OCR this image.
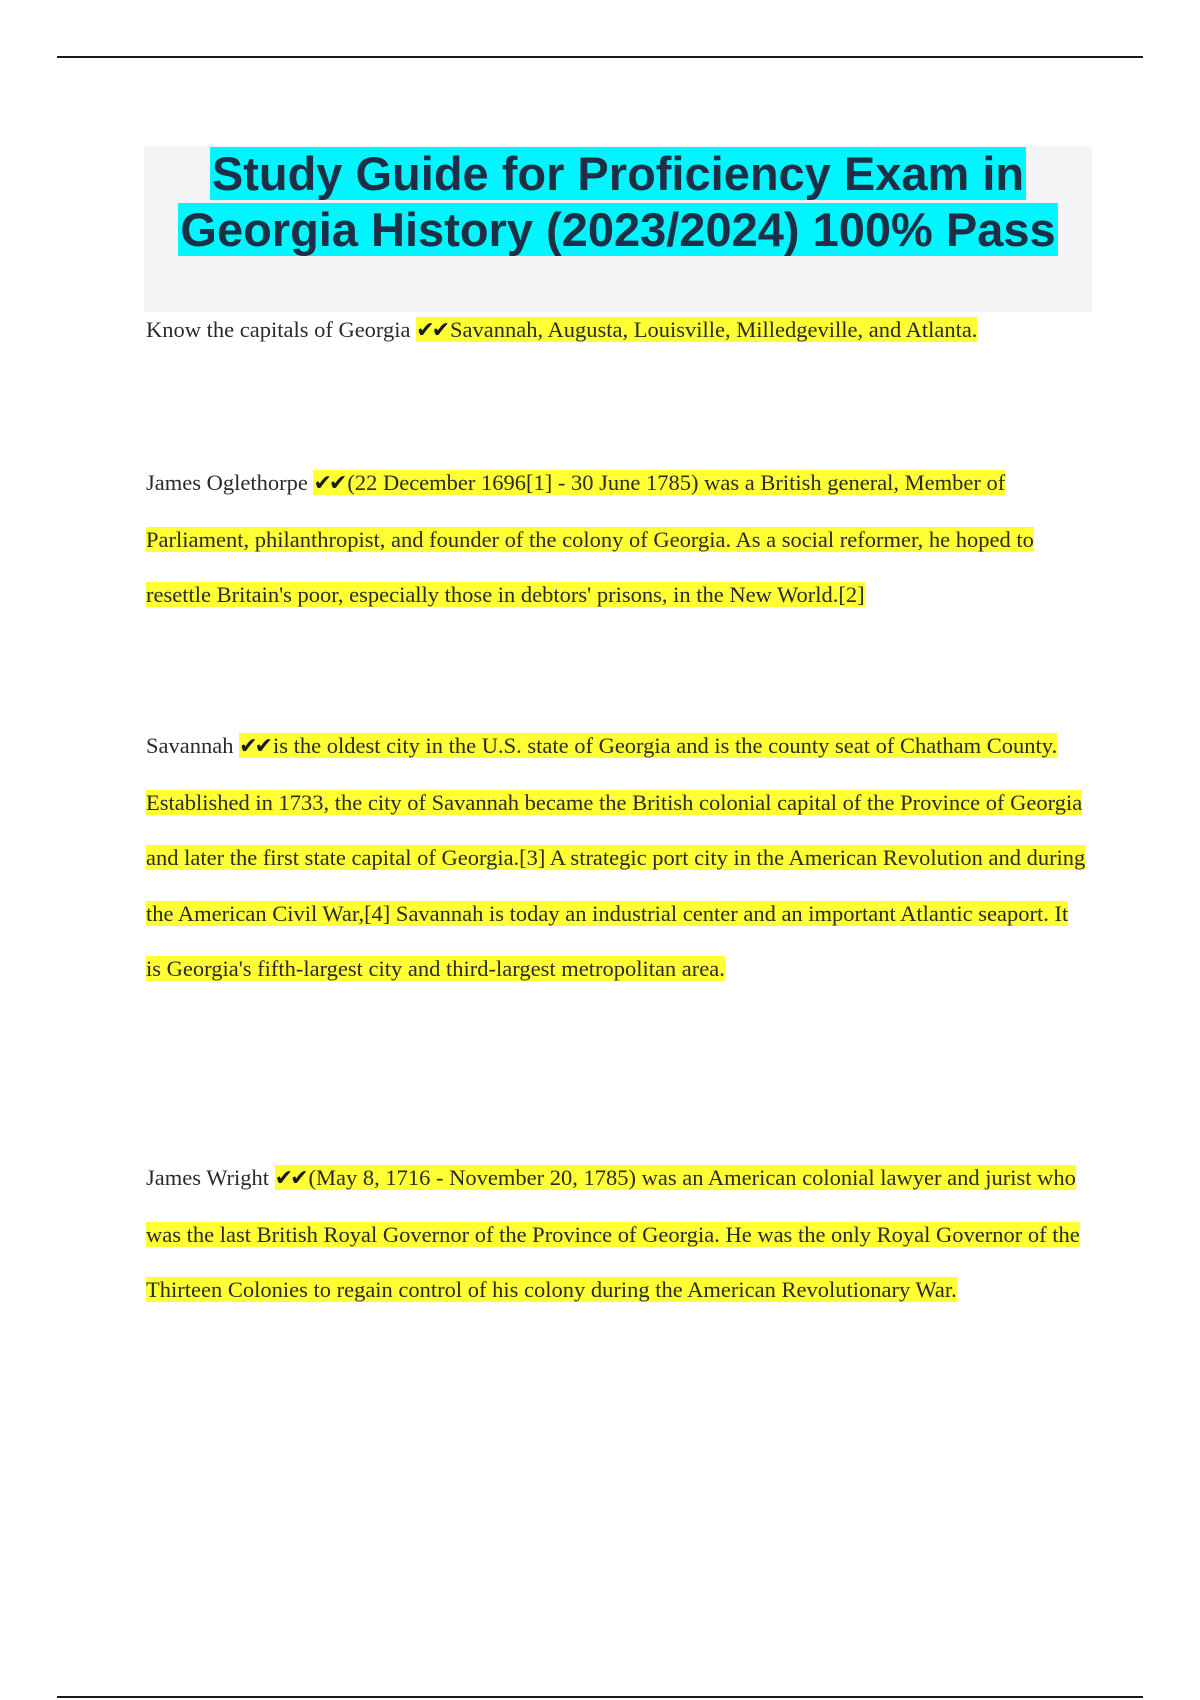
Study Guide for Proficiency Exam in
Georgia History (2023/2024) 100% Pass
Know the capitals of Georgia ✔✔ Savannah, Augusta, Louisville, Milledgeville, and Atlanta.
James Oglethorpe ✔✔ (22 December 1696[1] - 30 June 1785) was a British general, Member of Parliament, philanthropist, and founder of the colony of Georgia. As a social reformer, he hoped to resettle Britain's poor, especially those in debtors' prisons, in the New World.[2]
Savannah ✔✔ is the oldest city in the U.S. state of Georgia and is the county seat of Chatham County. Established in 1733, the city of Savannah became the British colonial capital of the Province of Georgia and later the first state capital of Georgia.[3] A strategic port city in the American Revolution and during the American Civil War,[4] Savannah is today an industrial center and an important Atlantic seaport. It is Georgia's fifth-largest city and third-largest metropolitan area.
James Wright ✔✔ (May 8, 1716 - November 20, 1785) was an American colonial lawyer and jurist who was the last British Royal Governor of the Province of Georgia. He was the only Royal Governor of the Thirteen Colonies to regain control of his colony during the American Revolutionary War.
